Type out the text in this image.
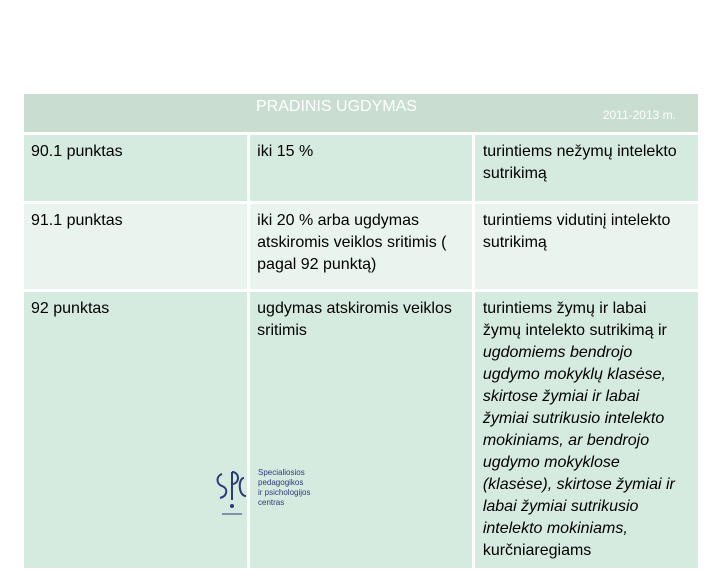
PRADINIS UGDYMAS 2011-2013 m.		

90.1 punktas	iki 15 %	turintiems nežymų intelekto sutrikimą
91.1 punktas	iki 20 % arba ugdymas atskiromis veiklos sritimis ( pagal 92 punktą)	turintiems vidutinį intelekto sutrikimą
92 punktas	ugdymas atskiromis veiklos sritimis	turintiems žymų ir labai žymų intelekto sutrikimą ir ugdomiems bendrojo ugdymo mokyklų klasėse, skirtose žymiai ir labai žymiai sutrikusio intelekto mokiniams, ar bendrojo ugdymo mokyklose (klasėse), skirtose žymiai ir labai žymiai sutrikusio intelekto mokiniams,
kurčniaregiams
Specialiosios
pedagogikos
ir psichologijos
centras
